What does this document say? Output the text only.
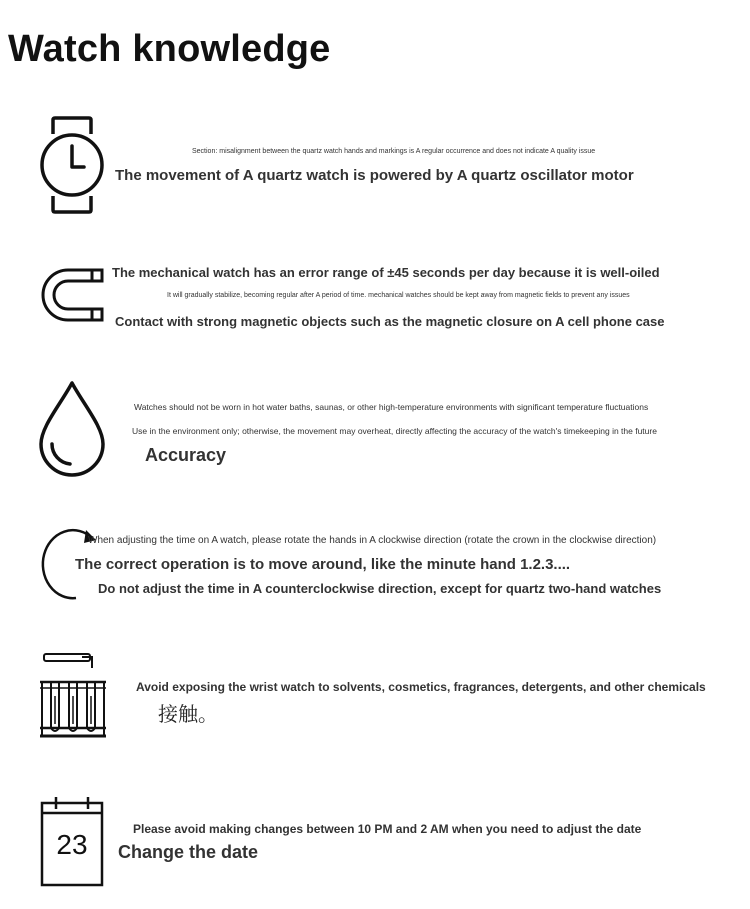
Watch knowledge
Section: misalignment between the quartz watch hands and markings is A regular occurrence and does not indicate A quality issue
The movement of A quartz watch is powered by A quartz oscillator motor
The mechanical watch has an error range of ±45 seconds per day because it is well-oiled
It will gradually stabilize, becoming regular after A period of time. mechanical watches should be kept away from magnetic fields to prevent any issues
Contact with strong magnetic objects such as the magnetic closure on A cell phone case
Watches should not be worn in hot water baths, saunas, or other high-temperature environments with significant temperature fluctuations
Use in the environment only; otherwise, the movement may overheat, directly affecting the accuracy of the watch's timekeeping in the future
Accuracy
When adjusting the time on A watch, please rotate the hands in A clockwise direction (rotate the crown in the clockwise direction)
The correct operation is to move around, like the minute hand 1.2.3....
Do not adjust the time in A counterclockwise direction, except for quartz two-hand watches
Avoid exposing the wrist watch to solvents, cosmetics, fragrances, detergents, and other chemicals
接触。
23	Please avoid making changes between 10 PM and 2 AM when you need to adjust the date
Change the date
